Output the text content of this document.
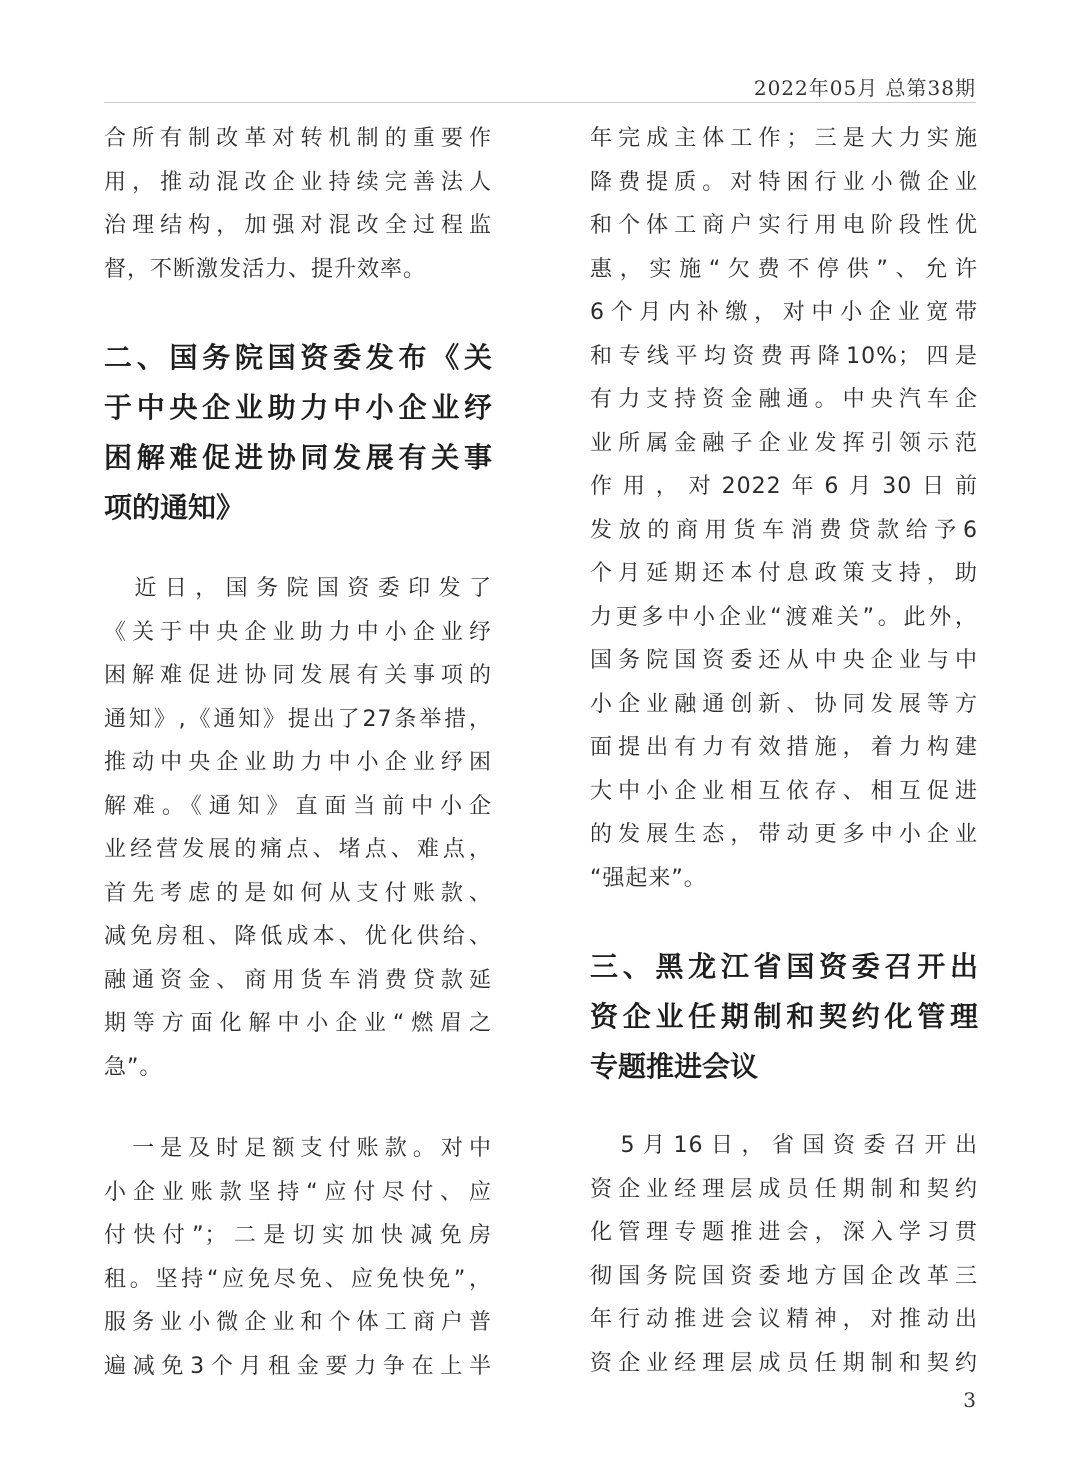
2022年05月 总第38期
合所有制改革对转机制的重要作
用，推动混改企业持续完善法人
治理结构，加强对混改全过程监
督，不断激发活力、提升效率。
二、国务院国资委发布《关
于中央企业助力中小企业纾
困解难促进协同发展有关事
项的通知》
　近日，国务院国资委印发了
《关于中央企业助力中小企业纾
困解难促进协同发展有关事项的
通知》,《通知》提出了27条举措，
推动中央企业助力中小企业纾困
解难。《通知》直面当前中小企
业经营发展的痛点、堵点、难点，
首先考虑的是如何从支付账款、
减免房租、降低成本、优化供给、
融通资金、商用货车消费贷款延
期等方面化解中小企业“燃眉之
急”。
　一是及时足额支付账款。对中
小企业账款坚持“应付尽付、应
付快付”；二是切实加快减免房
租。坚持“应免尽免、应免快免”，
服务业小微企业和个体工商户普
遍减免3个月租金要力争在上半
年完成主体工作；三是大力实施
降费提质。对特困行业小微企业
和个体工商户实行用电阶段性优
惠，实施“欠费不停供”、允许
6个月内补缴，对中小企业宽带
和专线平均资费再降10%；四是
有力支持资金融通。中央汽车企
业所属金融子企业发挥引领示范
作用，对2022年6月30日前
发放的商用货车消费贷款给予6
个月延期还本付息政策支持，助
力更多中小企业“渡难关”。此外，
国务院国资委还从中央企业与中
小企业融通创新、协同发展等方
面提出有力有效措施，着力构建
大中小企业相互依存、相互促进
的发展生态，带动更多中小企业
“强起来”。
三、黑龙江省国资委召开出
资企业任期制和契约化管理
专题推进会议
　5月16日，省国资委召开出
资企业经理层成员任期制和契约
化管理专题推进会，深入学习贯
彻国务院国资委地方国企改革三
年行动推进会议精神，对推动出
资企业经理层成员任期制和契约
3
